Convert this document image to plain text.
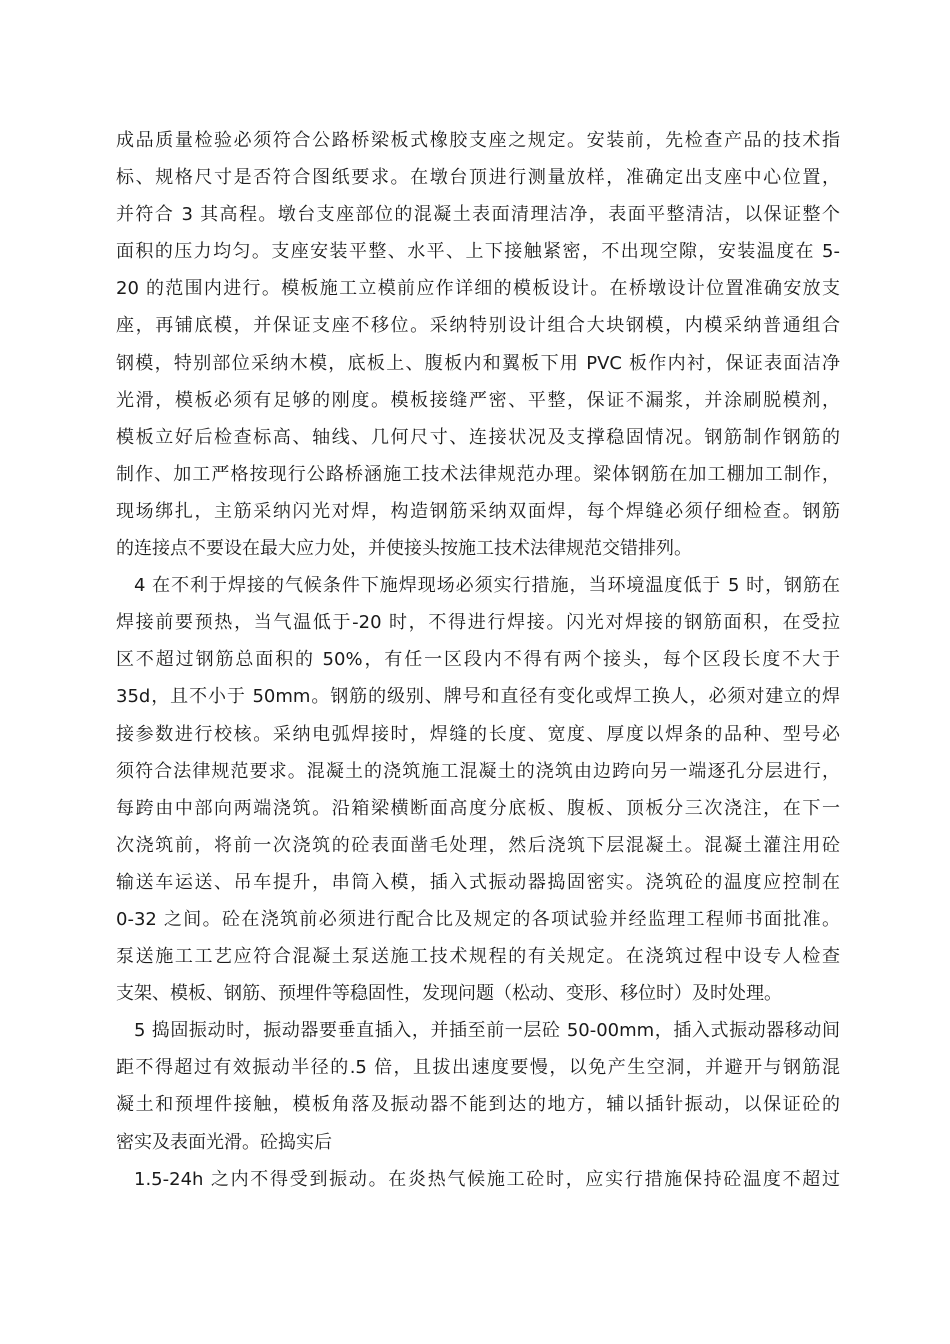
成品质量检验必须符合公路桥梁板式橡胶支座之规定。安装前，先检查产品的技术指
标、规格尺寸是否符合图纸要求。在墩台顶进行测量放样，准确定出支座中心位置，
并符合 3 其高程。墩台支座部位的混凝土表面清理洁净，表面平整清洁，以保证整个
面积的压力均匀。支座安装平整、水平、上下接触紧密，不出现空隙，安装温度在 5-
20 的范围内进行。模板施工立模前应作详细的模板设计。在桥墩设计位置准确安放支
座，再铺底模，并保证支座不移位。采纳特别设计组合大块钢模，内模采纳普通组合
钢模，特别部位采纳木模，底板上、腹板内和翼板下用 PVC 板作内衬，保证表面洁净
光滑，模板必须有足够的刚度。模板接缝严密、平整，保证不漏浆，并涂刷脱模剂，
模板立好后检查标高、轴线、几何尺寸、连接状况及支撑稳固情况。钢筋制作钢筋的
制作、加工严格按现行公路桥涵施工技术法律规范办理。梁体钢筋在加工棚加工制作，
现场绑扎，主筋采纳闪光对焊，构造钢筋采纳双面焊，每个焊缝必须仔细检查。钢筋
的连接点不要设在最大应力处，并使接头按施工技术法律规范交错排列。
4 在不利于焊接的气候条件下施焊现场必须实行措施，当环境温度低于 5 时，钢筋在
焊接前要预热，当气温低于-20 时，不得进行焊接。闪光对焊接的钢筋面积，在受拉
区不超过钢筋总面积的 50%，有任一区段内不得有两个接头，每个区段长度不大于
35d，且不小于 50mm。钢筋的级别、牌号和直径有变化或焊工换人，必须对建立的焊
接参数进行校核。采纳电弧焊接时，焊缝的长度、宽度、厚度以焊条的品种、型号必
须符合法律规范要求。混凝土的浇筑施工混凝土的浇筑由边跨向另一端逐孔分层进行，
每跨由中部向两端浇筑。沿箱梁横断面高度分底板、腹板、顶板分三次浇注，在下一
次浇筑前，将前一次浇筑的砼表面凿毛处理，然后浇筑下层混凝土。混凝土灌注用砼
输送车运送、吊车提升，串筒入模，插入式振动器捣固密实。浇筑砼的温度应控制在
0-32 之间。砼在浇筑前必须进行配合比及规定的各项试验并经监理工程师书面批准。
泵送施工工艺应符合混凝土泵送施工技术规程的有关规定。在浇筑过程中设专人检查
支架、模板、钢筋、预埋件等稳固性，发现问题（松动、变形、移位时）及时处理。
5 捣固振动时，振动器要垂直插入，并插至前一层砼 50-00mm，插入式振动器移动间
距不得超过有效振动半径的.5 倍，且拔出速度要慢，以免产生空洞，并避开与钢筋混
凝土和预埋件接触，模板角落及振动器不能到达的地方，辅以插针振动，以保证砼的
密实及表面光滑。砼捣实后
1.5-24h 之内不得受到振动。在炎热气候施工砼时，应实行措施保持砼温度不超过
